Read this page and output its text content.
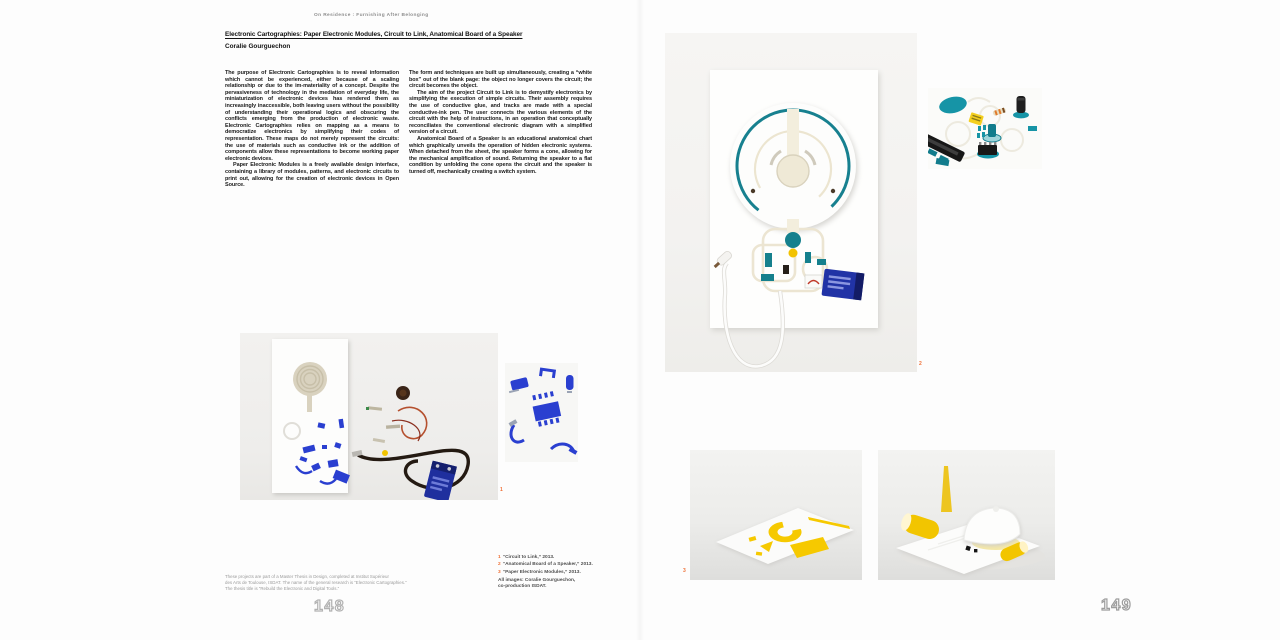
On Residence : Furnishing After Belonging
Electronic Cartographies: Paper Electronic Modules, Circuit to Link, Anatomical Board of a Speaker
Coralie Gourguechon

The purpose of Electronic Cartographies is to reveal information which cannot be experienced, either because of a scaling relationship or due to the im-materiality of a concept. Despite the pervasiveness of technology in the mediation of everyday life, the miniaturization of electronic devices has rendered them as increasingly inaccessible, both leaving users without the possibility of understanding their operational logics and obscuring the conflicts emerging from the production of electronic waste. Electronic Cartographies relies on mapping as a means to democratize electronics by simplifying their codes of representation. These maps do not merely represent the circuits: the use of materials such as conductive ink or the addition of components allow these representations to become working paper electronic devices.

Paper Electronic Modules is a freely available design interface, containing a library of modules, patterns, and electronic circuits to print out, allowing for the creation of electronic devices in Open Source.

The form and techniques are built up simultaneously, creating a “white box” out of the blank page: the object no longer covers the circuit; the circuit becomes the object.

The aim of the project Circuit to Link is to demystify electronics by simplifying the execution of simple circuits. Their assembly requires the use of conductive glue, and tracks are made with a special conductive-ink pen. The user connects the various elements of the circuit with the help of instructions, in an operation that conceptually reconciliates the conventional electronic diagram with a simplified version of a circuit.

Anatomical Board of a Speaker is an educational anatomical chart which graphically unveils the operation of hidden electronic systems. When detached from the sheet, the speaker forms a cone, allowing for the mechanical amplification of sound. Returning the speaker to a flat condition by unfolding the cone opens the circuit and the speaker is turned off, mechanically creating a switch system.

1
These projects are part of a Master Thesis in Design, completed at Institut Supérieur
des Arts de Toulouse, ISDAT. The name of the general research is “Electronic Cartographies.”
The thesis title is “Rebuild the Electronic and Digital Tools.”
1 “Circuit to Link,” 2013.
2 “Anatomical Board of a Speaker,” 2013.
3 “Paper Electronic Modules,” 2013.
All images: Coralie Gourguechon,
co-production ISDAT.
148
2
3
149
